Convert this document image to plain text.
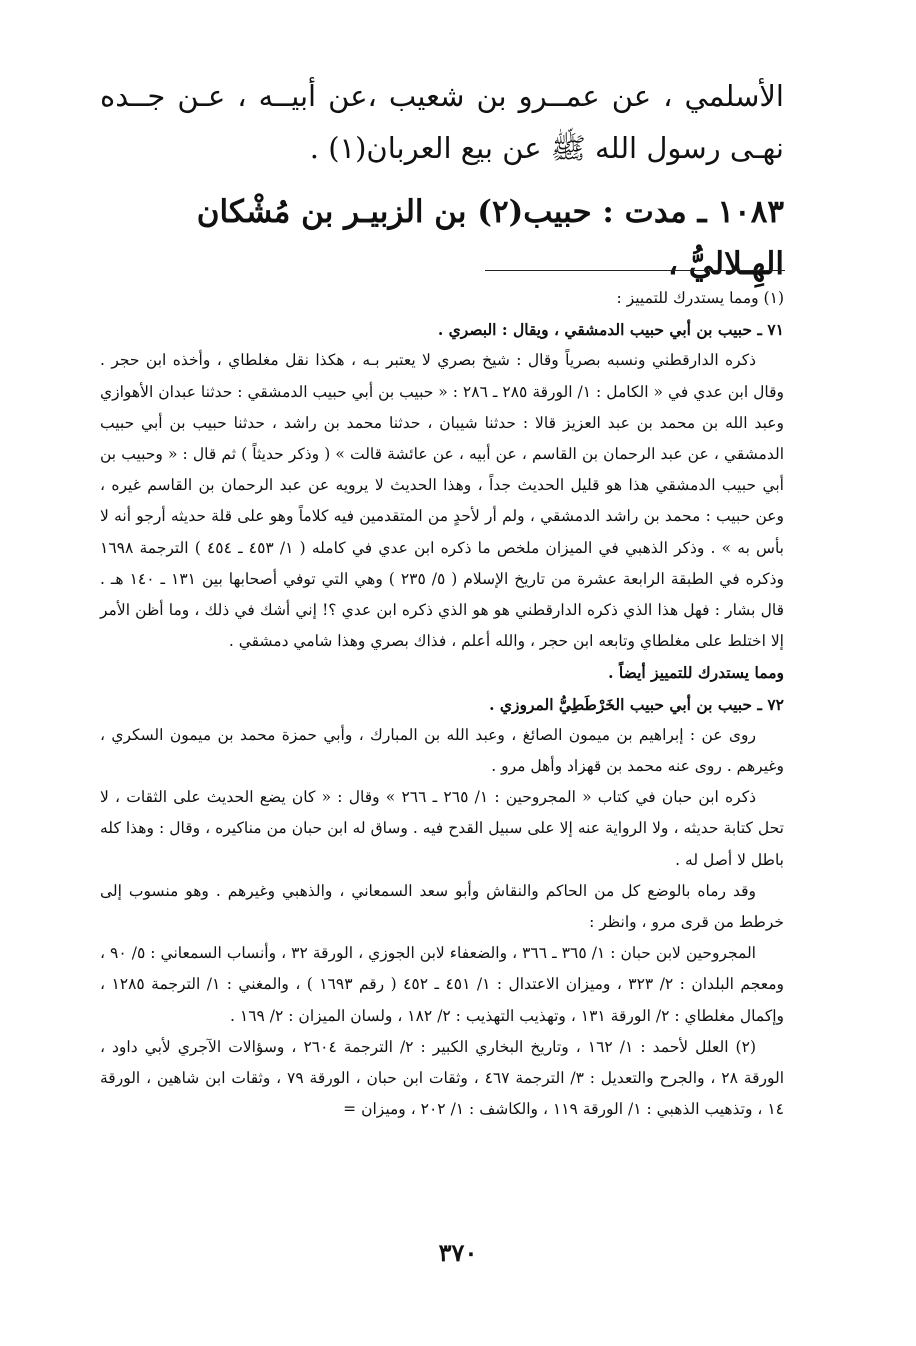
الأسلمي ، عن عمــرو بن شعيب ،عن أبيــه ، عـن جــده نهـى رسول الله ﷺ عن بيع العربان(١) .
١٠٨٣ ـ مدت : حبيب(٢) بن الزبيـر بن مُشْكان الهِـلاليُّ ،

(١) ومما يستدرك للتمييز :

٧١ ـ حبيب بن أبي حبيب الدمشقي ، ويقال : البصري .

ذكره الدارقطني ونسبه بصرياً وقال : شيخ بصري لا يعتبر بـه ، هكذا نقل مغلطاي ، وأخذه ابن حجر . وقال ابن عدي في « الكامل : ١/ الورقة ٢٨٥ ـ ٢٨٦ : « حبيب بن أبي حبيب الدمشقي : حدثنا عبدان الأهوازي وعبد الله بن محمد بن عبد العزيز قالا : حدثنا شيبان ، حدثنا محمد بن راشد ، حدثنا حبيب بن أبي حبيب الدمشقي ، عن عبد الرحمان بن القاسم ، عن أبيه ، عن عائشة قالت » ( وذكر حديثاً ) ثم قال : « وحبيب بن أبي حبيب الدمشقي هذا هو قليل الحديث جداً ، وهذا الحديث لا يرويه عن عبد الرحمان بن القاسم غيره ، وعن حبيب : محمد بن راشد الدمشقي ، ولم أر لأحدٍ من المتقدمين فيه كلاماً وهو على قلة حديثه أرجو أنه لا بأس به » . وذكر الذهبي في الميزان ملخص ما ذكره ابن عدي في كامله ( ١/ ٤٥٣ ـ ٤٥٤ ) الترجمة ١٦٩٨ وذكره في الطبقة الرابعة عشرة من تاريخ الإسلام ( ٥/ ٢٣٥ ) وهي التي توفي أصحابها بين ١٣١ ـ ١٤٠ هـ . قال بشار : فهل هذا الذي ذكره الدارقطني هو هو الذي ذكره ابن عدي ؟! إني أشك في ذلك ، وما أظن الأمر إلا اختلط على مغلطاي وتابعه ابن حجر ، والله أعلم ، فذاك بصري وهذا شامي دمشقي .

ومما يستدرك للتمييز أيضاً .

٧٢ ـ حبيب بن أبي حبيب الخَرْطَطِيُّ المروزي .

روى عن : إبراهيم بن ميمون الصائغ ، وعبد الله بن المبارك ، وأبي حمزة محمد بن ميمون السكري ، وغيرهم . روى عنه محمد بن قهزاد وأهل مرو .

ذكره ابن حبان في كتاب « المجروحين : ١/ ٢٦٥ ـ ٢٦٦ » وقال : « كان يضع الحديث على الثقات ، لا تحل كتابة حديثه ، ولا الرواية عنه إلا على سبيل القدح فيه . وساق له ابن حبان من مناكيره ، وقال : وهذا كله باطل لا أصل له .

وقد رماه بالوضع كل من الحاكم والنقاش وأبو سعد السمعاني ، والذهبي وغيرهم . وهو منسوب إلى خرطط من قرى مرو ، وانظر :

المجروحين لابن حبان : ١/ ٣٦٥ ـ ٣٦٦ ، والضعفاء لابن الجوزي ، الورقة ٣٢ ، وأنساب السمعاني : ٥/ ٩٠ ، ومعجم البلدان : ٢/ ٣٢٣ ، وميزان الاعتدال : ١/ ٤٥١ ـ ٤٥٢ ( رقم ١٦٩٣ ) ، والمغني : ١/ الترجمة ١٢٨٥ ، وإكمال مغلطاي : ٢/ الورقة ١٣١ ، وتهذيب التهذيب : ٢/ ١٨٢ ، ولسان الميزان : ٢/ ١٦٩ .

(٢) العلل لأحمد : ١/ ١٦٢ ، وتاريخ البخاري الكبير : ٢/ الترجمة ٢٦٠٤ ، وسؤالات الآجري لأبي داود ، الورقة ٢٨ ، والجرح والتعديل : ٣/ الترجمة ٤٦٧ ، وثقات ابن حبان ، الورقة ٧٩ ، وثقات ابن شاهين ، الورقة ١٤ ، وتذهيب الذهبي : ١/ الورقة ١١٩ ، والكاشف : ١/ ٢٠٢ ، وميزان =

٣٧٠
